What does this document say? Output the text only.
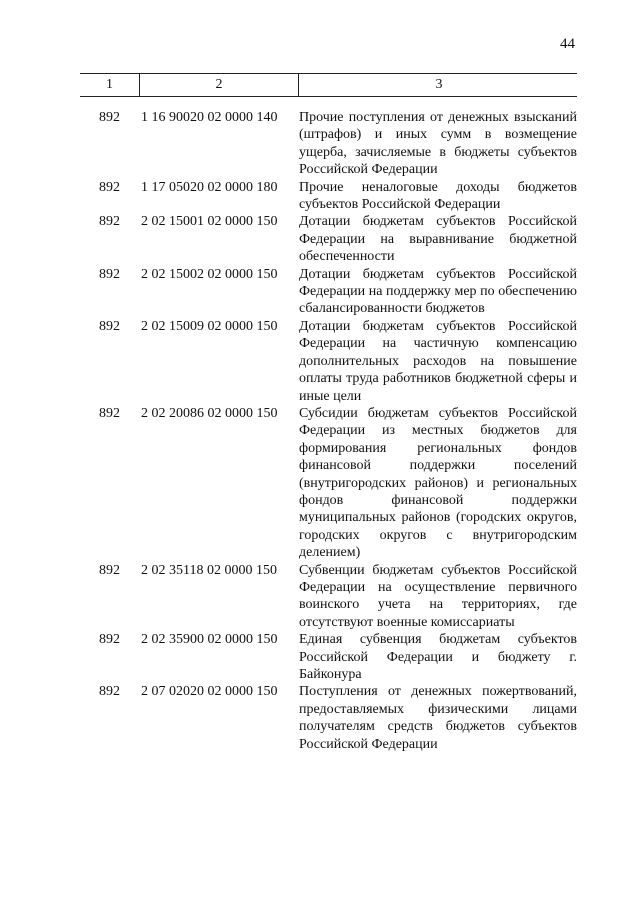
44
1	2	3
892	1 16 90020 02 0000 140	Прочие поступления от денежных взысканий (штрафов) и иных сумм в возмещение ущерба, зачисляемые в бюджеты субъектов Российской Федерации
892	1 17 05020 02 0000 180	Прочие неналоговые доходы бюджетов субъектов Российской Федерации
892	2 02 15001 02 0000 150	Дотации бюджетам субъектов Российской Федерации на выравнивание бюджетной обеспеченности
892	2 02 15002 02 0000 150	Дотации бюджетам субъектов Российской Федерации на поддержку мер по обеспечению сбалансированности бюджетов
892	2 02 15009 02 0000 150	Дотации бюджетам субъектов Российской Федерации на частичную компенсацию дополнительных расходов на повышение оплаты труда работников бюджетной сферы и иные цели
892	2 02 20086 02 0000 150	Субсидии бюджетам субъектов Российской Федерации из местных бюджетов для формирования региональных фондов финансовой поддержки поселений (внутригородских районов) и региональных фондов финансовой поддержки муниципальных районов (городских округов, городских округов с внутригородским делением)
892	2 02 35118 02 0000 150	Субвенции бюджетам субъектов Российской Федерации на осуществление первичного воинского учета на территориях, где отсутствуют военные комиссариаты
892	2 02 35900 02 0000 150	Единая субвенция бюджетам субъектов Российской Федерации и бюджету г. Байконура
892	2 07 02020 02 0000 150	Поступления от денежных пожертвований, предоставляемых физическими лицами получателям средств бюджетов субъектов Российской Федерации
